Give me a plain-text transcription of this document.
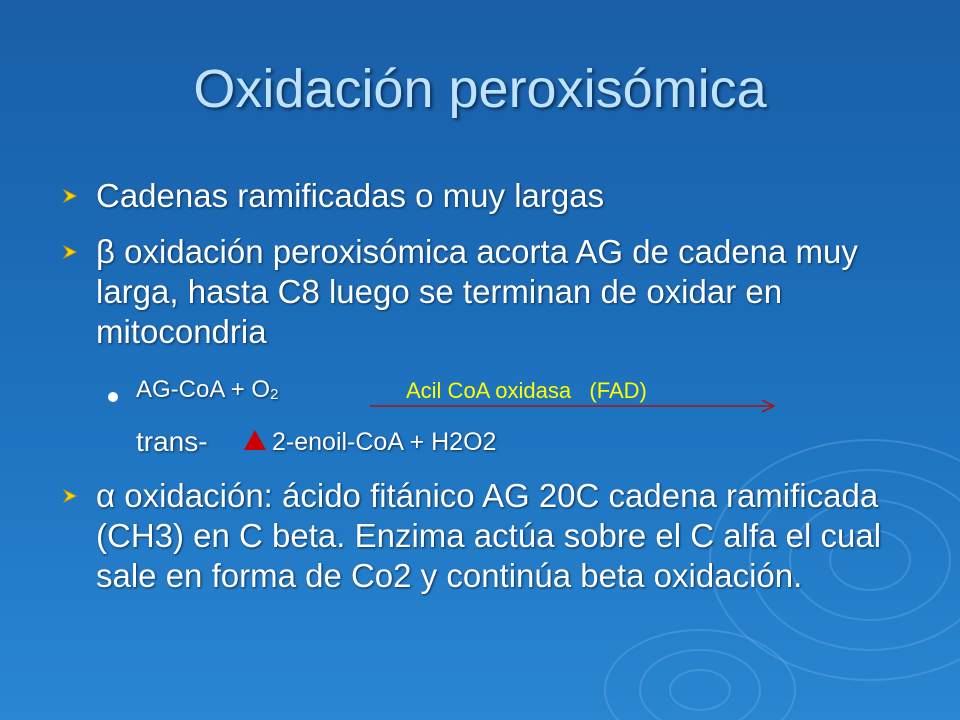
Oxidación peroxisómica
Cadenas ramificadas o muy largas
β oxidación peroxisómica acorta AG de cadena muy larga, hasta C8 luego se terminan de oxidar en mitocondria
$AG-CoA + O_2$	Acil CoA oxidasa   (FAD)
trans-	2-enoil-CoA + H2O2
α oxidación: ácido fitánico AG 20C cadena ramificada (CH3) en C beta. Enzima actúa sobre el C alfa el cual sale en forma de Co2 y continúa beta oxidación.
